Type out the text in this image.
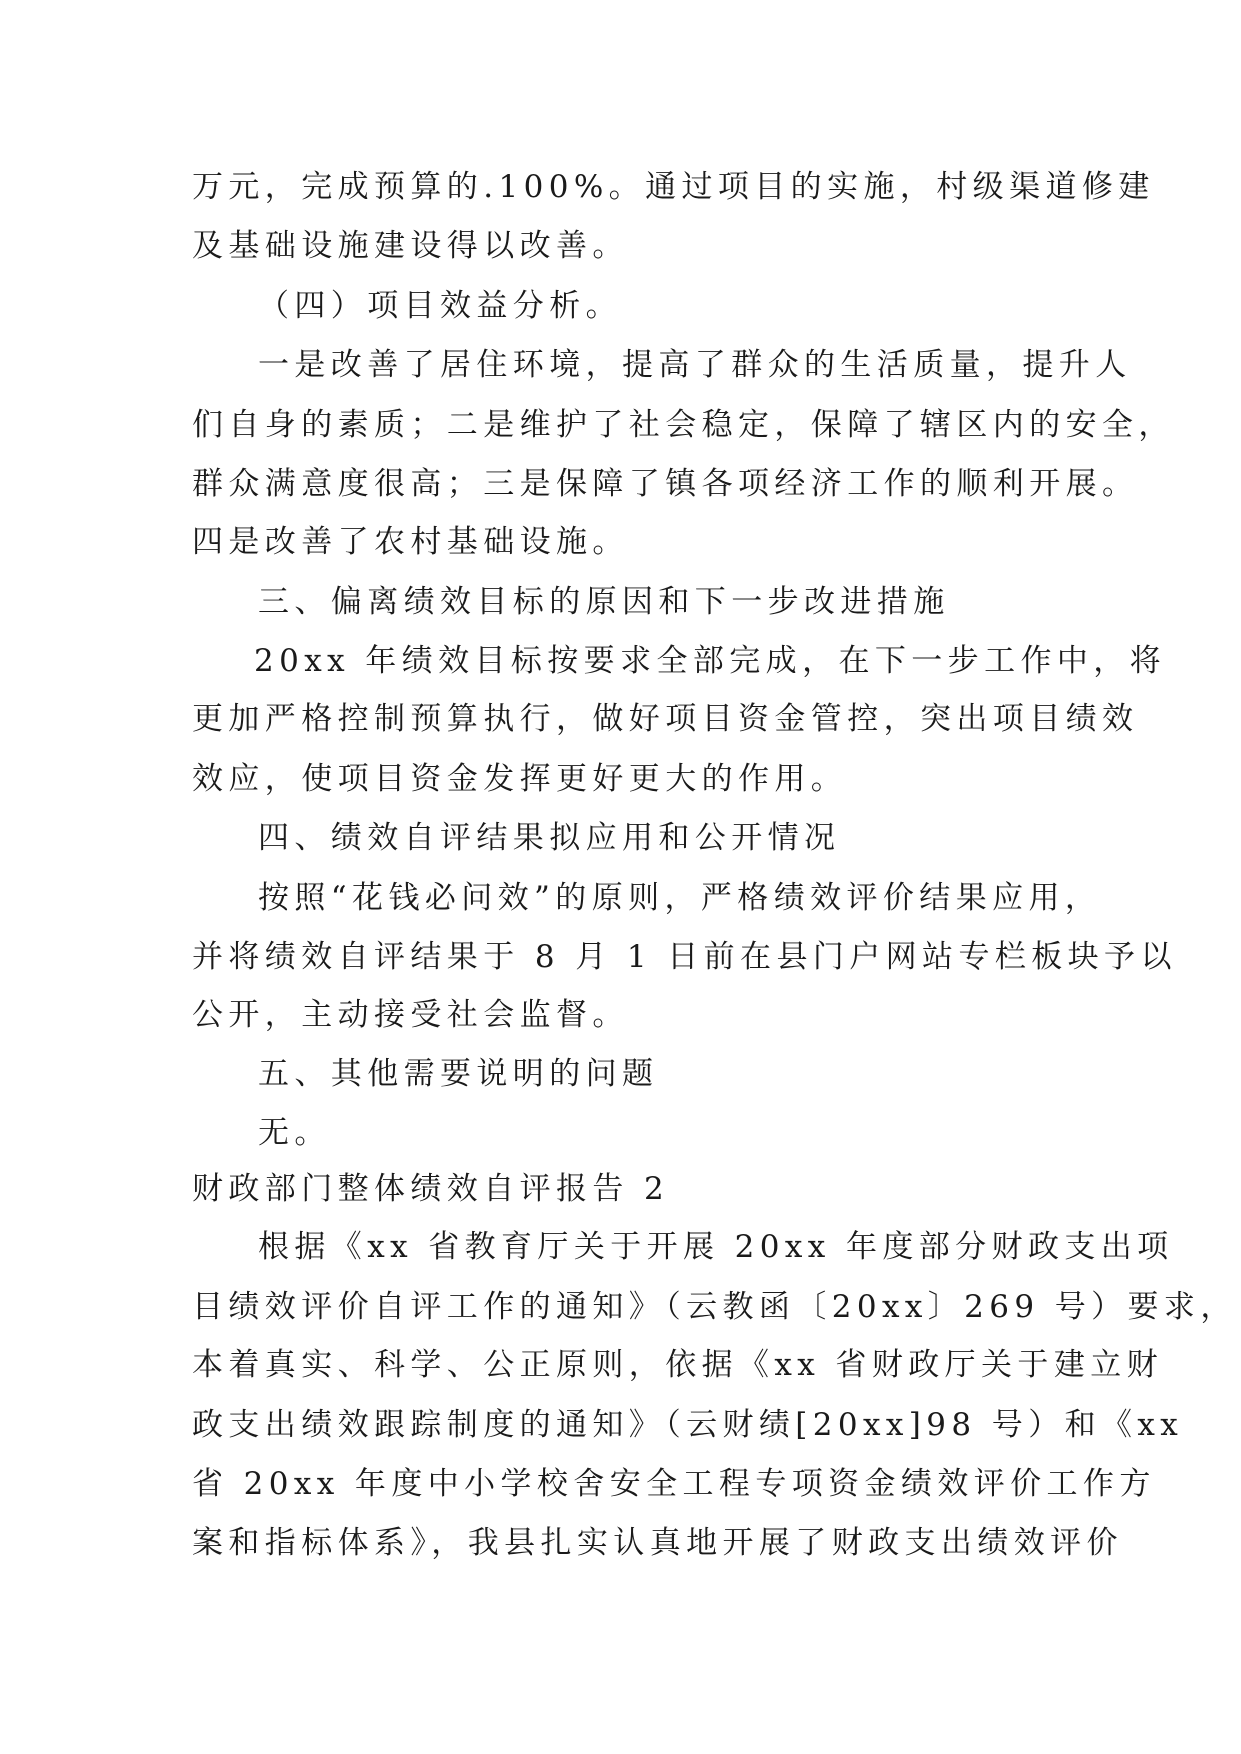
万元，完成预算的.100%。通过项目的实施，村级渠道修建
及基础设施建设得以改善。
（四）项目效益分析。
一是改善了居住环境，提高了群众的生活质量，提升人
们自身的素质；二是维护了社会稳定，保障了辖区内的安全，
群众满意度很高；三是保障了镇各项经济工作的顺利开展。
四是改善了农村基础设施。
三、偏离绩效目标的原因和下一步改进措施
20xx 年绩效目标按要求全部完成，在下一步工作中，将
更加严格控制预算执行，做好项目资金管控，突出项目绩效
效应，使项目资金发挥更好更大的作用。
四、绩效自评结果拟应用和公开情况
按照“花钱必问效”的原则，严格绩效评价结果应用，
并将绩效自评结果于 8 月 1 日前在县门户网站专栏板块予以
公开，主动接受社会监督。
五、其他需要说明的问题
无。
财政部门整体绩效自评报告 2
根据《xx 省教育厅关于开展 20xx 年度部分财政支出项
目绩效评价自评工作的通知》（云教函〔20xx〕269 号）要求，
本着真实、科学、公正原则，依据《xx 省财政厅关于建立财
政支出绩效跟踪制度的通知》（云财绩[20xx]98 号）和《xx
省 20xx 年度中小学校舍安全工程专项资金绩效评价工作方
案和指标体系》，我县扎实认真地开展了财政支出绩效评价
